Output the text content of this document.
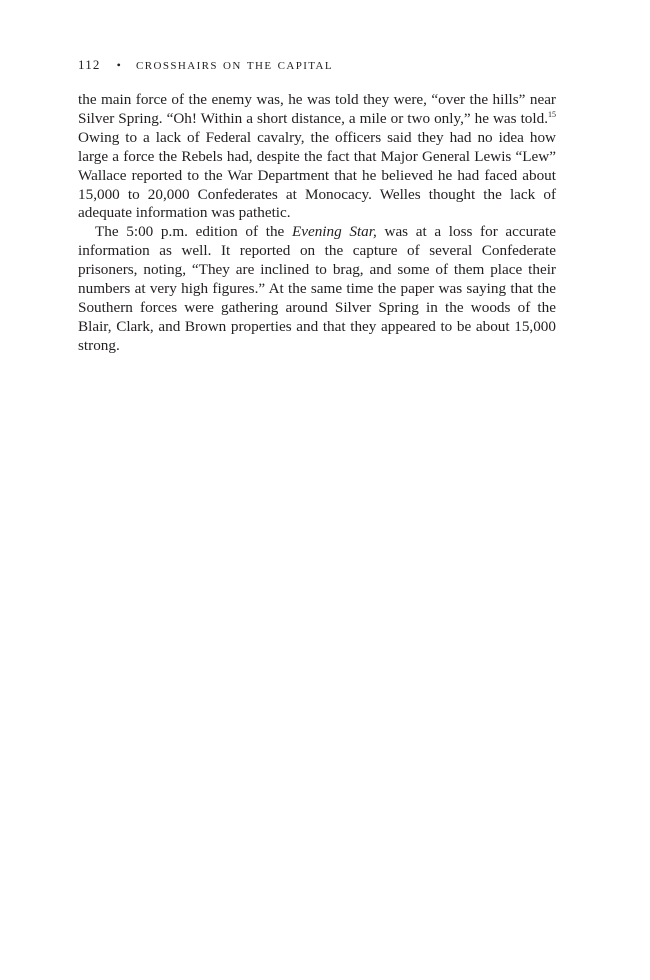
112 • crosshairs on the capital

the main force of the enemy was, he was told they were, “over the hills” near Silver Spring. “Oh! Within a short distance, a mile or two only,” he was told.$^{15}$ Owing to a lack of Federal cavalry, the officers said they had no idea how large a force the Rebels had, despite the fact that Major General Lewis “Lew” Wallace reported to the War Department that he believed he had faced about 15,000 to 20,000 Confederates at Monocacy. Welles thought the lack of adequate information was pathetic.

The 5:00 p.m. edition of the Evening Star, was at a loss for accurate information as well. It reported on the capture of several Confederate prisoners, noting, “They are inclined to brag, and some of them place their numbers at very high figures.” At the same time the paper was saying that the Southern forces were gathering around Silver Spring in the woods of the Blair, Clark, and Brown properties and that they appeared to be about 15,000 strong.
